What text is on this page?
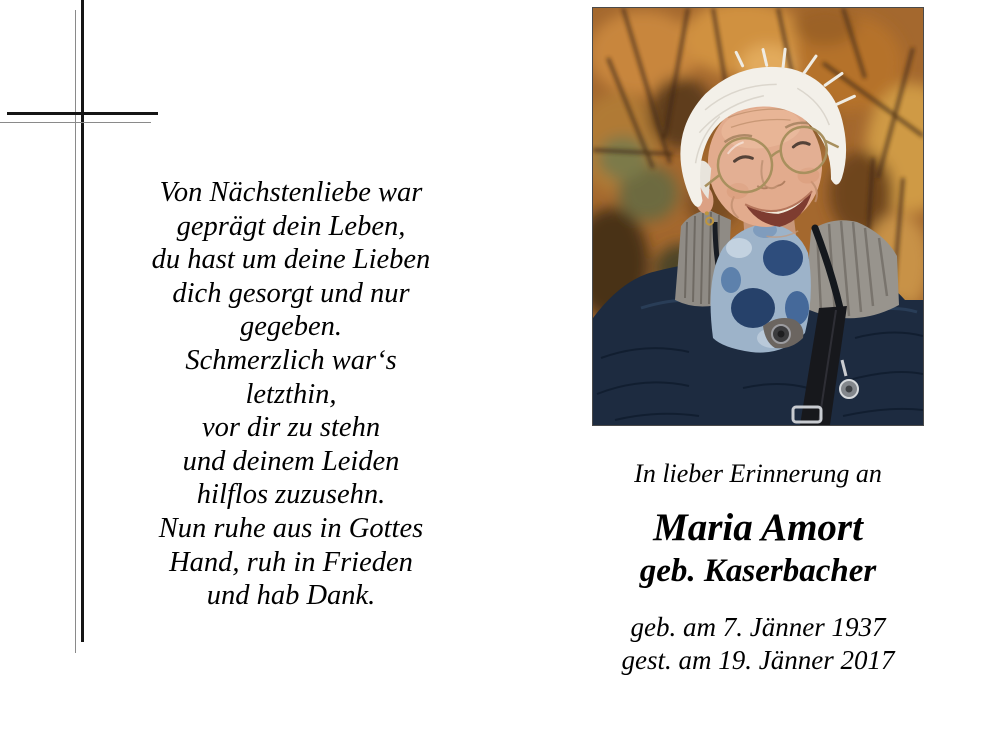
Von Nächstenliebe war
geprägt dein Leben,
du hast um deine Lieben
dich gesorgt und nur
gegeben.
Schmerzlich war‘s
letzthin,
vor dir zu stehn
und deinem Leiden
hilflos zuzusehn.
Nun ruhe aus in Gottes
Hand, ruh in Frieden
und hab Dank.
In lieber Erinnerung an
Maria Amort
geb. Kaserbacher
geb. am 7. Jänner 1937
gest. am 19. Jänner 2017
